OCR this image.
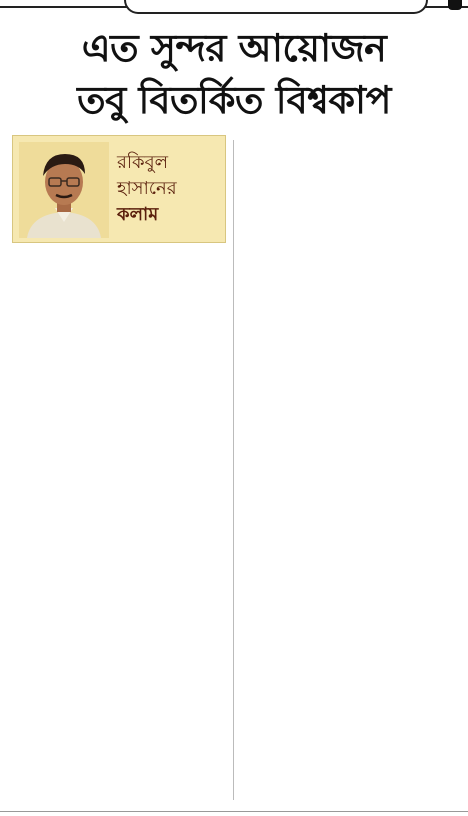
এত সুন্দর আয়োজন
তবু বিতর্কিত বিশ্বকাপ
রকিবুল
হাসানের
কলাম
